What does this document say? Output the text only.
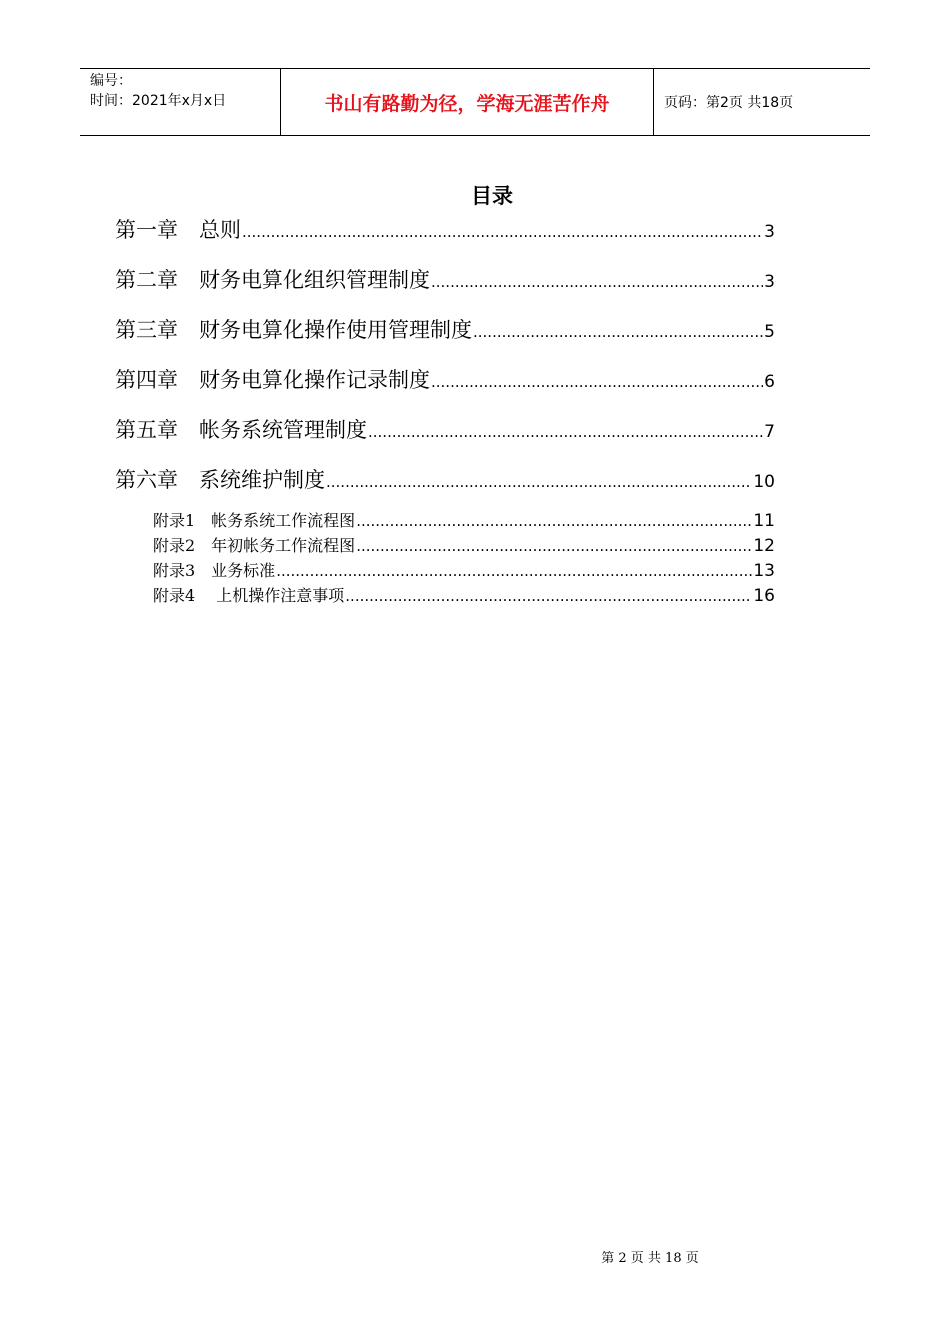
编号：
时间：2021年x月x日	书山有路勤为径，学海无涯苦作舟	页码：第2页 共18页
目录
第一章　总则 .....	3
第二章　财务电算化组织管理制度 .....	3
第三章　财务电算化操作使用管理制度 .....	5
第四章　财务电算化操作记录制度 .....	6
第五章　帐务系统管理制度 .....	7
第六章　系统维护制度 .....	10
附录1　帐务系统工作流程图 .....	11
附录2　年初帐务工作流程图 .....	12
附录3　业务标准 .....	13
附录4　 上机操作注意事项 .....	16
第 2 页 共 18 页
